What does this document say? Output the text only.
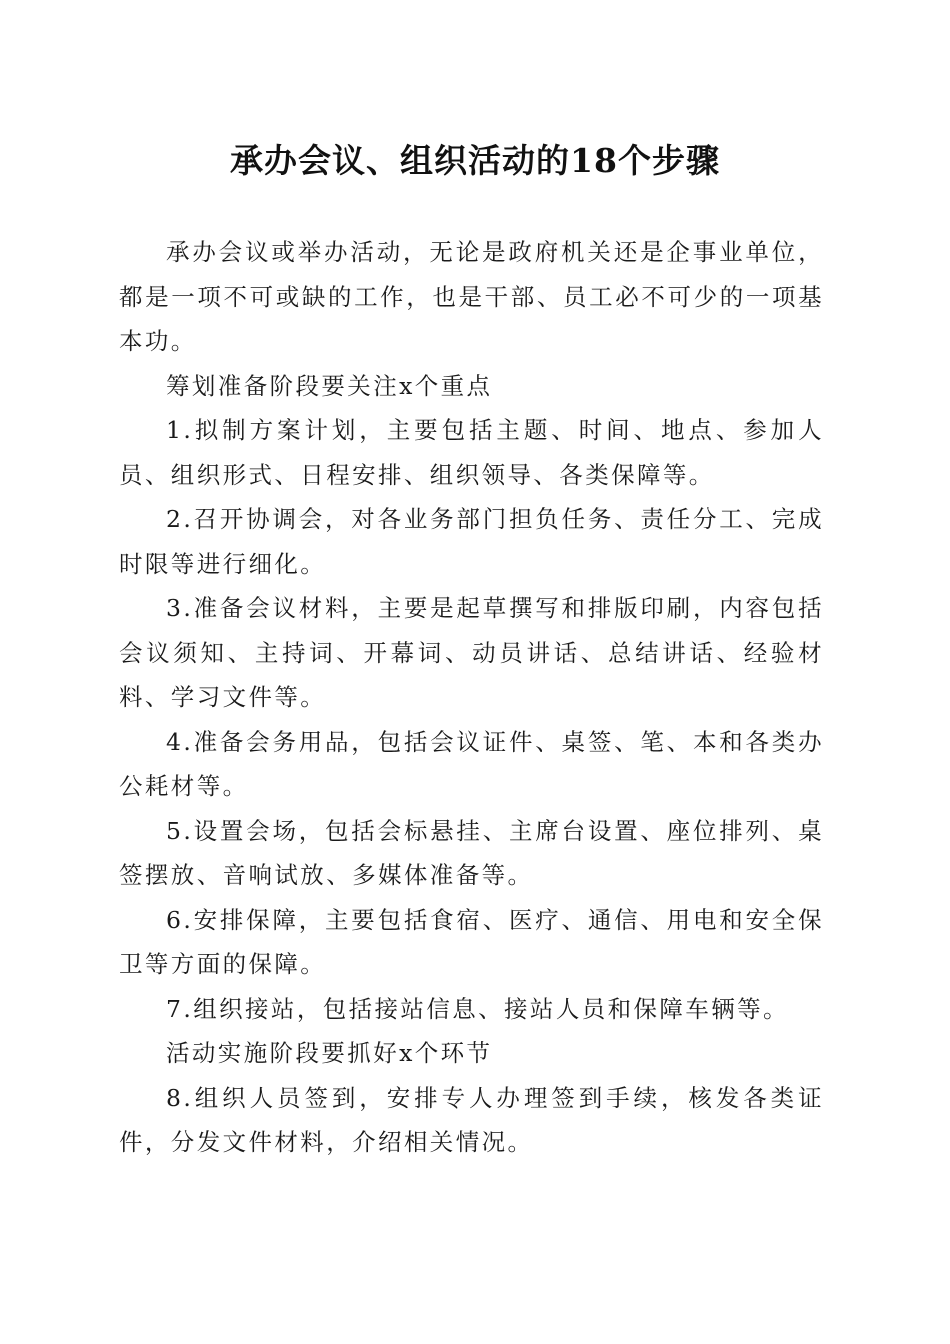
承办会议、组织活动的18个步骤

承办会议或举办活动，无论是政府机关还是企事业单位，都是一项不可或缺的工作，也是干部、员工必不可少的一项基本功。

筹划准备阶段要关注x个重点

1.拟制方案计划，主要包括主题、时间、地点、参加人员、组织形式、日程安排、组织领导、各类保障等。

2.召开协调会，对各业务部门担负任务、责任分工、完成时限等进行细化。

3.准备会议材料，主要是起草撰写和排版印刷，内容包括会议须知、主持词、开幕词、动员讲话、总结讲话、经验材料、学习文件等。

4.准备会务用品，包括会议证件、桌签、笔、本和各类办公耗材等。

5.设置会场，包括会标悬挂、主席台设置、座位排列、桌签摆放、音响试放、多媒体准备等。

6.安排保障，主要包括食宿、医疗、通信、用电和安全保卫等方面的保障。

7.组织接站，包括接站信息、接站人员和保障车辆等。

活动实施阶段要抓好x个环节

8.组织人员签到，安排专人办理签到手续，核发各类证件，分发文件材料，介绍相关情况。
